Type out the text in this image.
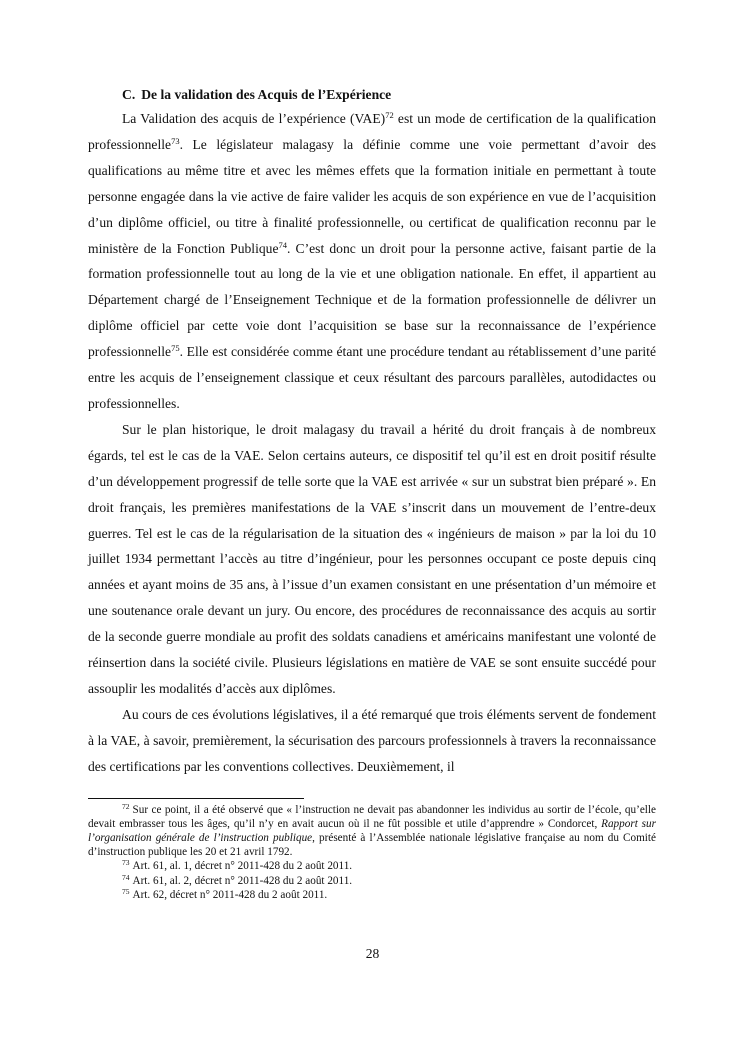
C. De la validation des Acquis de l’Expérience

La Validation des acquis de l’expérience (VAE)$^{72}$ est un mode de certification de la qualification professionnelle$^{73}$. Le législateur malagasy la définie comme une voie permettant d’avoir des qualifications au même titre et avec les mêmes effets que la formation initiale en permettant à toute personne engagée dans la vie active de faire valider les acquis de son expérience en vue de l’acquisition d’un diplôme officiel, ou titre à finalité professionnelle, ou certificat de qualification reconnu par le ministère de la Fonction Publique$^{74}$. C’est donc un droit pour la personne active, faisant partie de la formation professionnelle tout au long de la vie et une obligation nationale. En effet, il appartient au Département chargé de l’Enseignement Technique et de la formation professionnelle de délivrer un diplôme officiel par cette voie dont l’acquisition se base sur la reconnaissance de l’expérience professionnelle$^{75}$. Elle est considérée comme étant une procédure tendant au rétablissement d’une parité entre les acquis de l’enseignement classique et ceux résultant des parcours parallèles, autodidactes ou professionnelles.

Sur le plan historique, le droit malagasy du travail a hérité du droit français à de nombreux égards, tel est le cas de la VAE. Selon certains auteurs, ce dispositif tel qu’il est en droit positif résulte d’un développement progressif de telle sorte que la VAE est arrivée « sur un substrat bien préparé ». En droit français, les premières manifestations de la VAE s’inscrit dans un mouvement de l’entre-deux guerres. Tel est le cas de la régularisation de la situation des « ingénieurs de maison » par la loi du 10 juillet 1934 permettant l’accès au titre d’ingénieur, pour les personnes occupant ce poste depuis cinq années et ayant moins de 35 ans, à l’issue d’un examen consistant en une présentation d’un mémoire et une soutenance orale devant un jury. Ou encore, des procédures de reconnaissance des acquis au sortir de la seconde guerre mondiale au profit des soldats canadiens et américains manifestant une volonté de réinsertion dans la société civile. Plusieurs législations en matière de VAE se sont ensuite succédé pour assouplir les modalités d’accès aux diplômes.

Au cours de ces évolutions législatives, il a été remarqué que trois éléments servent de fondement à la VAE, à savoir, premièrement, la sécurisation des parcours professionnels à travers la reconnaissance des certifications par les conventions collectives. Deuxièmement, il

$^{72}$ Sur ce point, il a été observé que « l’instruction ne devait pas abandonner les individus au sortir de l’école, qu’elle devait embrasser tous les âges, qu’il n’y en avait aucun où il ne fût possible et utile d’apprendre » Condorcet, Rapport sur l’organisation générale de l’instruction publique, présenté à l’Assemblée nationale législative française au nom du Comité d’instruction publique les 20 et 21 avril 1792.

$^{73}$ Art. 61, al. 1, décret n° 2011-428 du 2 août 2011.

$^{74}$ Art. 61, al. 2, décret n° 2011-428 du 2 août 2011.

$^{75}$ Art. 62, décret n° 2011-428 du 2 août 2011.

28
